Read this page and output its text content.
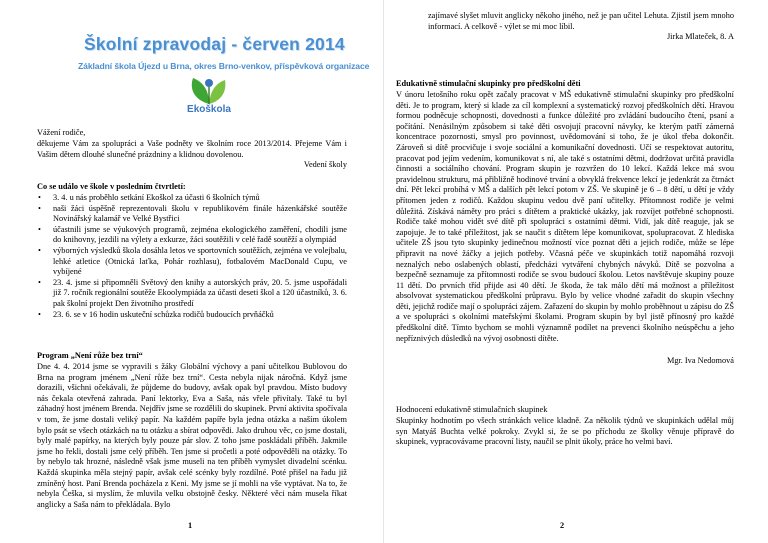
Školní zpravodaj - červen 2014
Základní škola Újezd u Brna, okres Brno-venkov, příspěvková organizace
Ekoškola
Vážení rodiče,
děkujeme Vám za spolupráci a Vaše podněty ve školním roce 2013/2014. Přejeme Vám i Vašim dětem dlouhé slunečné prázdniny a klidnou dovolenou.
Vedení školy
Co se událo ve škole v posledním čtvrtletí:
• 3. 4. u nás proběhlo setkání Ekoškol za účasti 6 školních týmů
• naši žáci úspěšně reprezentovali školu v republikovém finále házenkářské soutěže Novinářský kalamář ve Velké Bystřici
• účastnili jsme se výukových programů, zejména ekologického zaměření, chodili jsme do knihovny, jezdili na výlety a exkurze, žáci soutěžili v celé řadě soutěží a olympiád
• výborných výsledků škola dosáhla letos ve sportovních soutěžích, zejména ve volejbalu, lehké atletice (Otnická laťka, Pohár rozhlasu), fotbalovém MacDonald Cupu, ve vybíjené
• 23. 4. jsme si připomněli Světový den knihy a autorských práv, 20. 5. jsme uspořádali již 7. ročník regionální soutěže Ekoolympiáda za účasti deseti škol a 120 účastníků, 3. 6. pak školní projekt Den životního prostředí
• 23. 6. se v 16 hodin uskuteční schůzka rodičů budoucích prvňáčků
Program „Není růže bez trní“
Dne 4. 4. 2014 jsme se vypravili s žáky Globální výchovy a paní učitelkou Bublovou do Brna na program jménem „Není růže bez trní“. Cesta nebyla nijak náročná. Když jsme dorazili, všichni očekávali, že půjdeme do budovy, avšak opak byl pravdou. Místo budovy nás čekala otevřená zahrada. Paní lektorky, Eva a Saša, nás vřele přivítaly. Také tu byl záhadný host jménem Brenda. Nejdřív jsme se rozdělili do skupinek. První aktivita spočívala v tom, že jsme dostali veliký papír. Na každém papíře byla jedna otázka a naším úkolem bylo psát se všech otázkách na tu otázku a sbírat odpovědi. Jako druhou věc, co jsme dostali, byly malé papírky, na kterých byly pouze pár slov. Z toho jsme poskládali příběh. Jakmile jsme ho řekli, dostali jsme celý příběh. Ten jsme si pročetli a poté odpověděli na otázky. To by nebylo tak hrozné, následně však jsme museli na ten příběh vymyslet divadelní scénku. Každá skupinka měla stejný papír, avšak celé scénky byly rozdílné. Poté přišel na řadu již zmíněný host. Paní Brenda pocházela z Keni. My jsme se jí mohli na vše vyptávat. Na to, že nebyla Češka, si myslím, že mluvila velku obstojně česky. Některé věci nám musela říkat anglicky a Saša nám to překládala. Bylo
1
zajímavé slyšet mluvit anglicky někoho jiného, než je pan učitel Lehuta. Zjistil jsem mnoho informací. A celkově - výlet se mi moc líbil.
Jirka Mlateček, 8. A
Edukativně stimulační skupinky pro předškolní děti
V únoru letošního roku opět začaly pracovat v MŠ edukativně stimulační skupinky pro předškolní děti. Je to program, který si klade za cíl komplexní a systematický rozvoj předškolních dětí. Hravou formou podněcuje schopnosti, dovednosti a funkce důležité pro zvládání budoucího čtení, psaní a počítání. Nenásilným způsobem si také děti osvojují pracovní návyky, ke kterým patří zámerná koncentrace pozornosti, smysl pro povinnost, uvědomování si toho, že je úkol třeba dokončit. Zároveň si dítě procvičuje i svoje sociální a komunikační dovednosti. Učí se respektovat autoritu, pracovat pod jejím vedením, komunikovat s ní, ale také s ostatními dětmi, dodržovat určitá pravidla činnosti a sociálního chování. Program skupin je rozvržen do 10 lekcí. Každá lekce má svou pravidelnou strukturu, má přibližně hodinové trvání a obvyklá frekvence lekcí je jedenkrát za čtrnáct dní. Pět lekcí probíhá v MŠ a dalších pět lekcí potom v ZŠ. Ve skupině je 6 – 8 dětí, u dětí je vždy přítomen jeden z rodičů. Každou skupinu vedou dvě paní učitelky. Přítomnost rodiče je velmi důležitá. Získává náměty pro práci s dítětem a praktické ukázky, jak rozvíjet potřebné schopnosti. Rodiče také mohou vidět své dítě při spolupráci s ostatními dětmi. Vidí, jak dítě reaguje, jak se zapojuje. Je to také příležitost, jak se naučit s dítětem lépe komunikovat, spolupracovat. Z hlediska učitele ZŠ jsou tyto skupinky jedinečnou možností více poznat děti a jejich rodiče, může se lépe připravit na nové žáčky a jejich potřeby. Včasná péče ve skupinkách totiž napomáhá rozvoji neznalých nebo oslabených oblastí, předcházi vytváření chybných návyků. Dítě se pozvolna a bezpečně seznamuje za přítomnosti rodiče se svou budoucí školou. Letos navštěvuje skupiny pouze 11 dětí. Do prvních tříd přijde asi 40 dětí. Je škoda, že tak málo dětí má možnost a příležitost absolvovat systematickou předškolní průpravu. Bylo by velice vhodné zařadit do skupin všechny děti, jejichž rodiče mají o spolupráci zájem. Zařazení do skupin by mohlo proběhnout u zápisu do ZŠ a ve spolupráci s okolními mateřskými školami. Program skupin by byl jistě přínosný pro každé předškolní dítě. Tímto bychom se mohli významně podílet na prevenci školního neúspěchu a jeho nepříznivých důsledků na vývoj osobnosti dítěte.
Mgr. Iva Nedomová
Hodnocení edukativně stimulačních skupinek
Skupinky hodnotím po všech stránkách velice kladně. Za několik týdnů ve skupinkách udělal můj syn Matyáš Buchta velké pokroky. Zvykl si, že se po příchodu ze školky věnuje přípravě do skupinek, vypracovávame pracovní listy, naučil se plnit úkoly, práce ho velmi baví.
2
